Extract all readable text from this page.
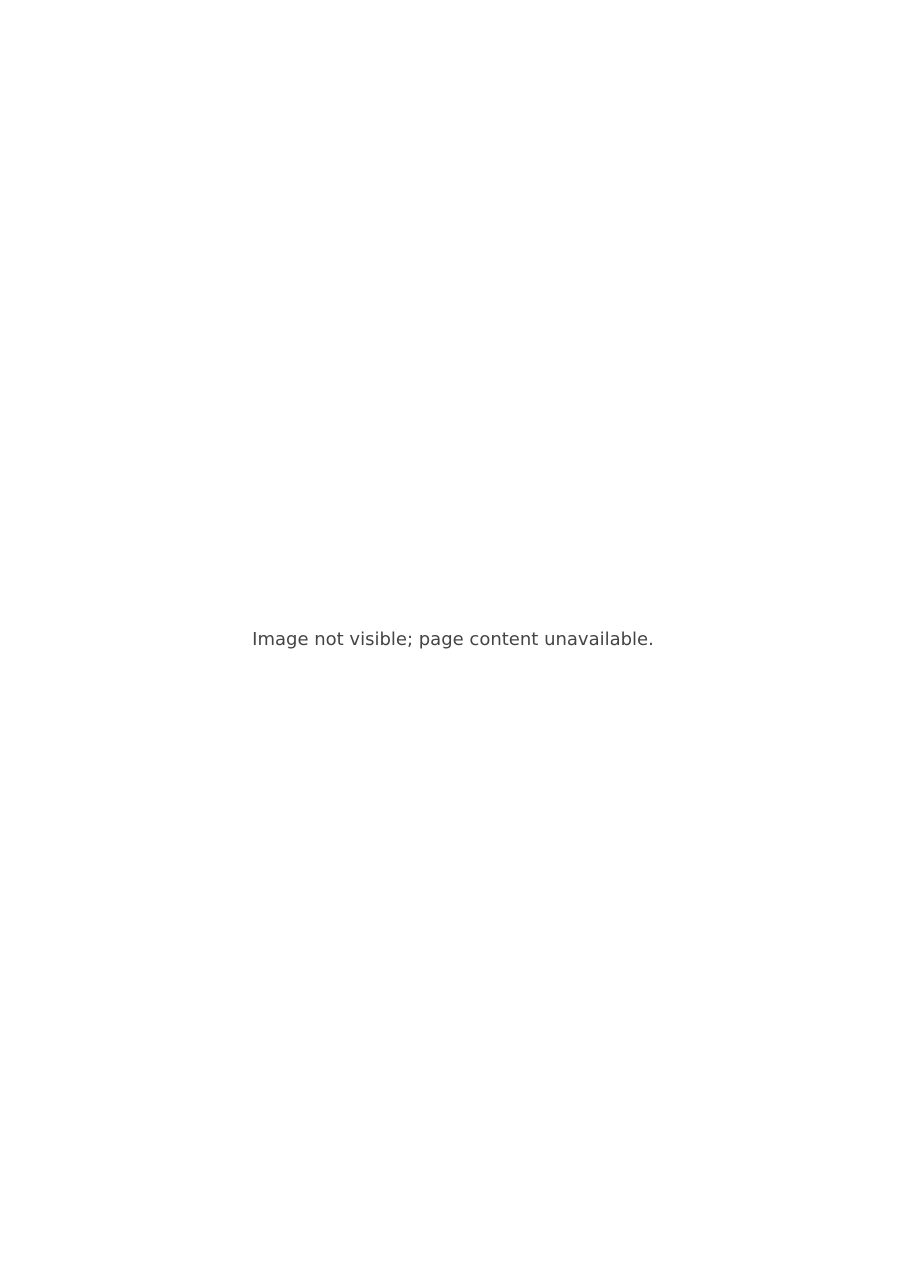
Image not visible; page content unavailable.
